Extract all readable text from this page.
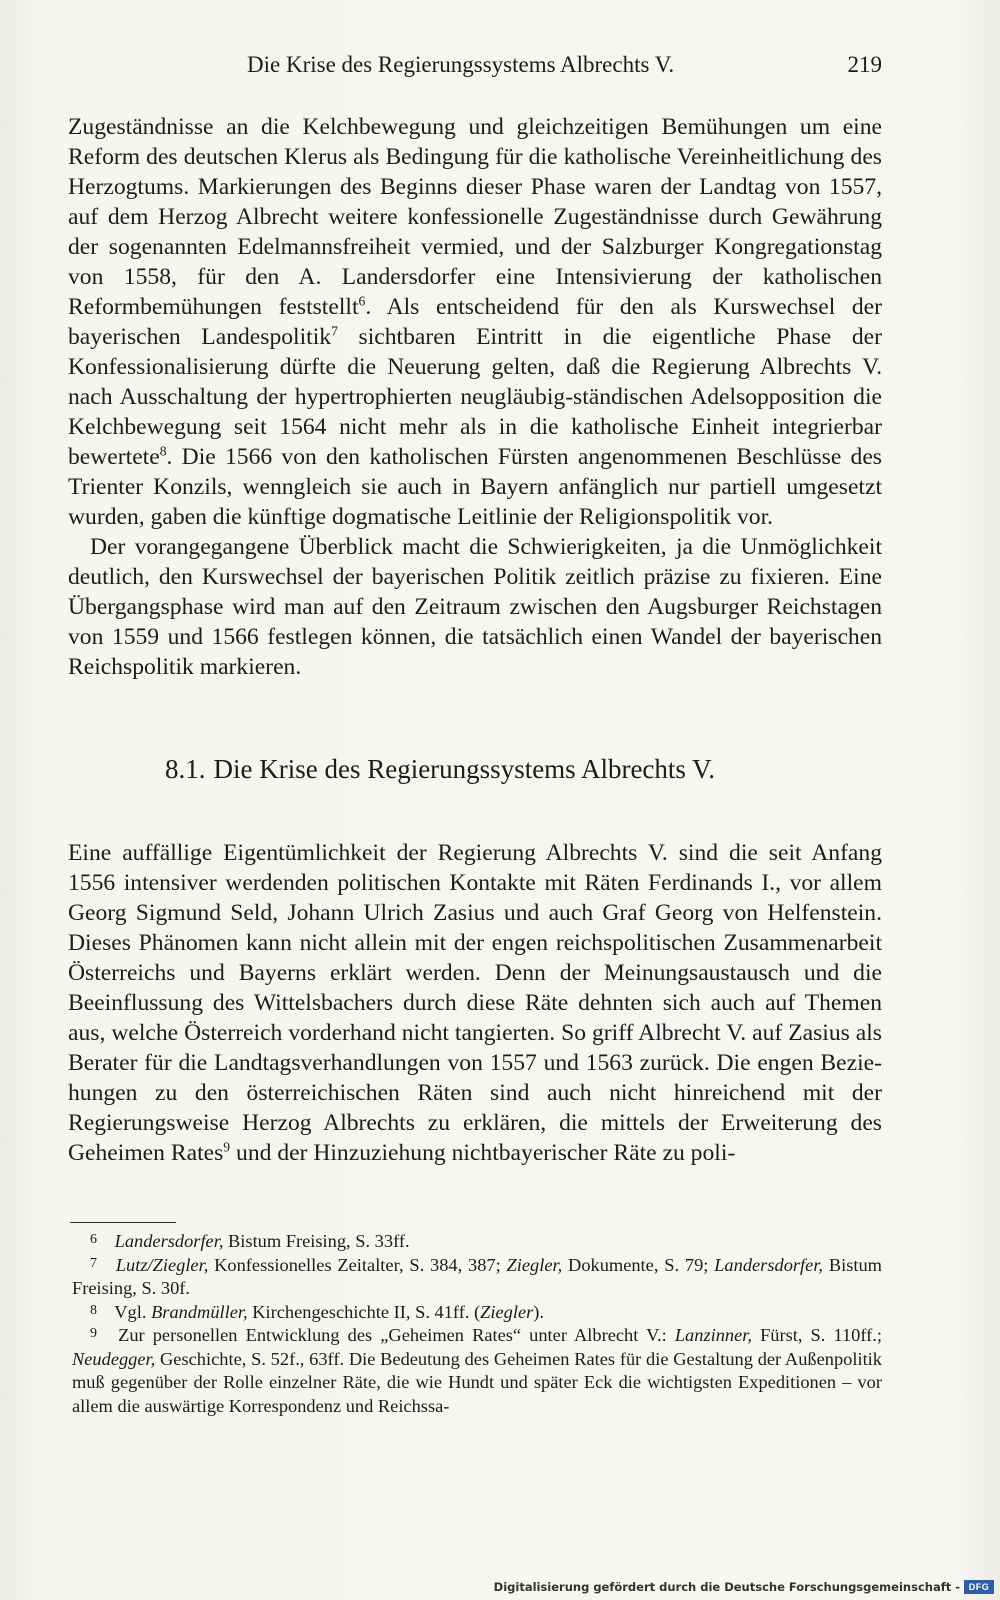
Die Krise des Regierungssystems Albrechts V.	219

Zugeständnisse an die Kelchbewegung und gleichzeitigen Bemühungen um eine Reform des deutschen Klerus als Bedingung für die katholische Vereinheitlichung des Herzogtums. Markierungen des Beginns dieser Phase waren der Landtag von 1557, auf dem Herzog Albrecht weitere konfessionelle Zugeständnisse durch Gewährung der sogenannten Edelmannsfreiheit vermied, und der Salzburger Kongregationstag von 1558, für den A. Landersdorfer eine Intensivierung der katholischen Reformbemühungen feststellt$^6$. Als entscheidend für den als Kurswechsel der bayerischen Landespolitik$^7$ sichtbaren Eintritt in die eigentliche Phase der Konfessionalisierung dürfte die Neuerung gelten, daß die Regierung Albrechts V. nach Ausschaltung der hypertrophierten neugläubig-ständischen Adelsopposition die Kelchbewegung seit 1564 nicht mehr als in die katholische Einheit integrierbar bewertete$^8$. Die 1566 von den katholischen Fürsten angenommenen Beschlüsse des Trienter Konzils, wenngleich sie auch in Bayern anfänglich nur partiell umgesetzt wurden, gaben die künftige dogmatische Leitlinie der Religionspolitik vor.

Der vorangegangene Überblick macht die Schwierigkeiten, ja die Unmöglichkeit deutlich, den Kurswechsel der bayerischen Politik zeitlich präzise zu fixieren. Eine Übergangsphase wird man auf den Zeitraum zwischen den Augsburger Reichstagen von 1559 und 1566 festlegen können, die tatsächlich einen Wandel der bayerischen Reichspolitik markieren.

8.1. Die Krise des Regierungssystems Albrechts V.

Eine auffällige Eigentümlichkeit der Regierung Albrechts V. sind die seit Anfang 1556 intensiver werdenden politischen Kontakte mit Räten Ferdinands I., vor allem Georg Sigmund Seld, Johann Ulrich Zasius und auch Graf Georg von Helfenstein. Dieses Phänomen kann nicht allein mit der engen reichspolitischen Zusammenarbeit Österreichs und Bayerns erklärt werden. Denn der Meinungsaustausch und die Beeinflussung des Wittelsbachers durch diese Räte dehnten sich auch auf Themen aus, welche Österreich vorderhand nicht tangierten. So griff Albrecht V. auf Zasius als Berater für die Landtagsverhandlungen von 1557 und 1563 zurück. Die engen Beziehungen zu den österreichischen Räten sind auch nicht hinreichend mit der Regierungsweise Herzog Albrechts zu erklären, die mittels der Erweiterung des Geheimen Rates$^9$ und der Hinzuziehung nichtbayerischer Räte zu poli-

6 Landersdorfer, Bistum Freising, S. 33ff.

7 Lutz/Ziegler, Konfessionelles Zeitalter, S. 384, 387; Ziegler, Dokumente, S. 79; Landersdorfer, Bistum Freising, S. 30f.

8 Vgl. Brandmüller, Kirchengeschichte II, S. 41ff. (Ziegler).

9 Zur personellen Entwicklung des „Geheimen Rates“ unter Albrecht V.: Lanzinner, Fürst, S. 110ff.; Neudegger, Geschichte, S. 52f., 63ff. Die Bedeutung des Geheimen Rates für die Gestaltung der Außenpolitik muß gegenüber der Rolle einzelner Räte, die wie Hundt und später Eck die wichtigsten Expeditionen – vor allem die auswärtige Korrespondenz und Reichssa-

Digitalisierung gefördert durch die Deutsche Forschungsgemeinschaft - DFG
